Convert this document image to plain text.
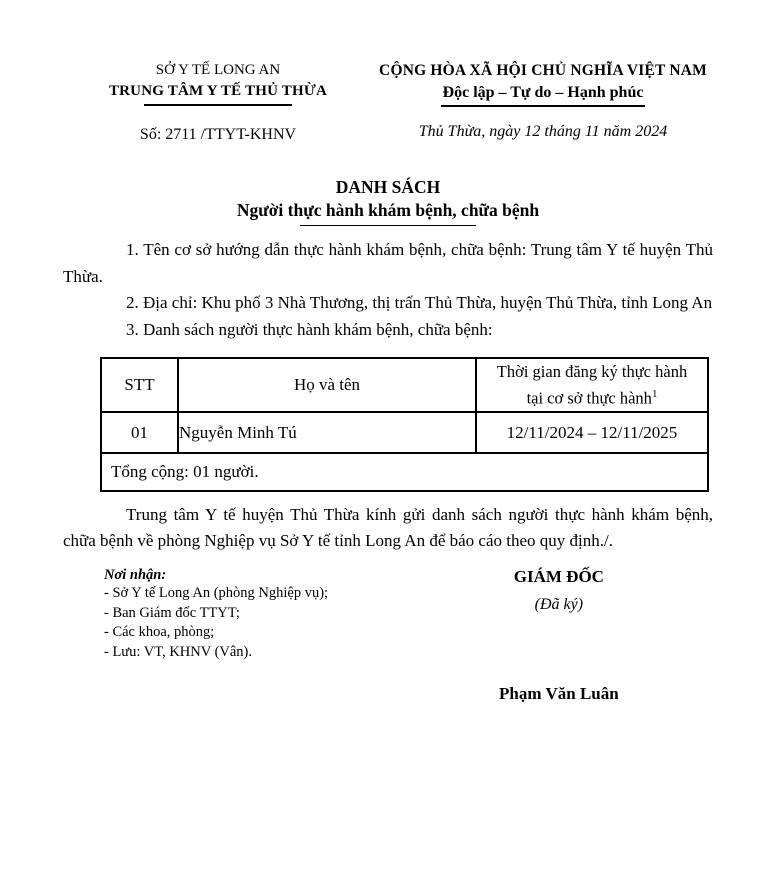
SỞ Y TẾ LONG AN
TRUNG TÂM Y TẾ THỦ THỪA
Số: 2711 /TTYT-KHNV
CỘNG HÒA XÃ HỘI CHỦ NGHĨA VIỆT NAM
Độc lập – Tự do – Hạnh phúc
Thủ Thừa, ngày 12 tháng 11 năm 2024
DANH SÁCH
Người thực hành khám bệnh, chữa bệnh

1. Tên cơ sở hướng dẫn thực hành khám bệnh, chữa bệnh: Trung tâm Y tế huyện Thủ Thừa.

2. Địa chỉ: Khu phố 3 Nhà Thương, thị trấn Thủ Thừa, huyện Thủ Thừa, tỉnh Long An

3. Danh sách người thực hành khám bệnh, chữa bệnh:

STT	Họ và tên	Thời gian đăng ký thực hành
tại cơ sở thực hành$^1$
01	Nguyễn Minh Tú	12/11/2024 – 12/11/2025
Tổng cộng: 01 người.		

Trung tâm Y tế huyện Thủ Thừa kính gửi danh sách người thực hành khám bệnh, chữa bệnh về phòng Nghiệp vụ Sở Y tế tỉnh Long An để báo cáo theo quy định./.

Nơi nhận:
- Sở Y tế Long An (phòng Nghiệp vụ);
- Ban Giám đốc TTYT;
- Các khoa, phòng;
- Lưu: VT, KHNV (Vân).
GIÁM ĐỐC
(Đã ký)
Phạm Văn Luân
